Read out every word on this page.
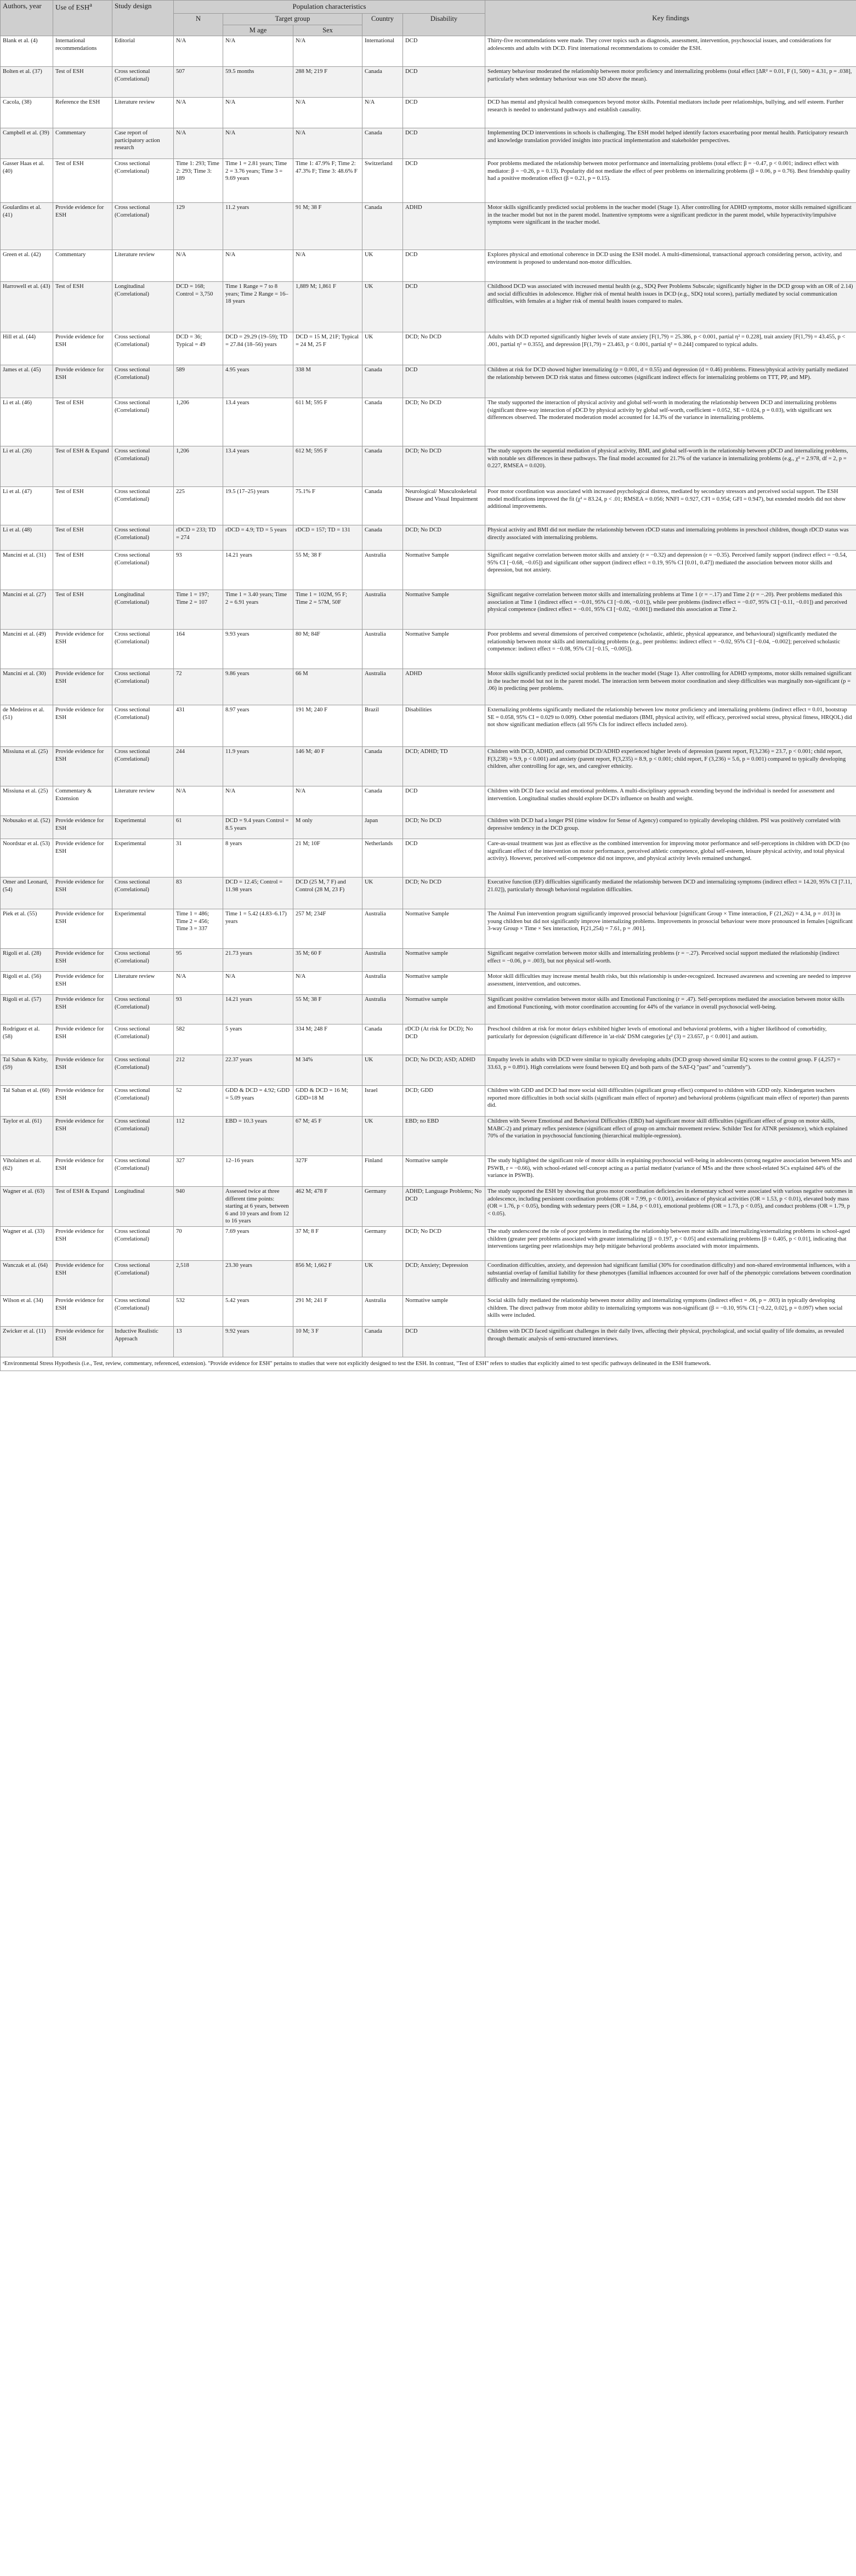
Authors, year	Use of ESH$^a$	Study design	Population characteristics					Key findings
			N	Target group		Country	Disability	
				M age	Sex			
Blank et al. (4)	International recommendations	Editorial	N/A	N/A	N/A	International	DCD	Thirty-five recommendations were made. They cover topics such as diagnosis, assessment, intervention, psychosocial issues, and considerations for adolescents and adults with DCD. First international recommendations to consider the ESH.
Bolten et al. (37)	Test of ESH	Cross sectional (Correlational)	507	59.5 months	288 M; 219 F	Canada	DCD	Sedentary behaviour moderated the relationship between motor proficiency and internalizing problems (total effect [ΔR² = 0.01, F (1, 500) = 4.31, p = .038], particularly when sedentary behaviour was one SD above the mean).
Cacola, (38)	Reference the ESH	Literature review	N/A	N/A	N/A	N/A	DCD	DCD has mental and physical health consequences beyond motor skills. Potential mediators include peer relationships, bullying, and self esteem. Further research is needed to understand pathways and establish causality.
Campbell et al. (39)	Commentary	Case report of participatory action research	N/A	N/A	N/A	Canada	DCD	Implementing DCD interventions in schools is challenging. The ESH model helped identify factors exacerbating poor mental health. Participatory research and knowledge translation provided insights into practical implementation and stakeholder perspectives.
Gasser Haas et al. (40)	Test of ESH	Cross sectional (Correlational)	Time 1: 293; Time 2: 293; Time 3: 189	Time 1 = 2.81 years; Time 2 = 3.76 years; Time 3 = 9.69 years	Time 1: 47.9% F; Time 2: 47.3% F; Time 3: 48.6% F	Switzerland	DCD	Poor problems mediated the relationship between motor performance and internalizing problems (total effect: β = −0.47, p < 0.001; indirect effect with mediator: β = −0.26, p = 0.13). Popularity did not mediate the effect of peer problems on internalizing problems (β = 0.06, p = 0.76). Best friendship quality had a positive moderation effect (β = 0.21, p = 0.15).
Goulardins et al. (41)	Provide evidence for ESH	Cross sectional (Correlational)	129	11.2 years	91 M; 38 F	Canada	ADHD	Motor skills significantly predicted social problems in the teacher model (Stage 1). After controlling for ADHD symptoms, motor skills remained significant in the teacher model but not in the parent model. Inattentive symptoms were a significant predictor in the parent model, while hyperactivity/impulsive symptoms were significant in the teacher model.
Green et al. (42)	Commentary	Literature review	N/A	N/A	N/A	UK	DCD	Explores physical and emotional coherence in DCD using the ESH model. A multi-dimensional, transactional approach considering person, activity, and environment is proposed to understand non-motor difficulties.
Harrowell et al. (43)	Test of ESH	Longitudinal (Correlational)	DCD = 168; Control = 3,750	Time 1 Range = 7 to 8 years; Time 2 Range = 16–18 years	1,889 M; 1,861 F	UK	DCD	Childhood DCD was associated with increased mental health (e.g., SDQ Peer Problems Subscale; significantly higher in the DCD group with an OR of 2.14) and social difficulties in adolescence. Higher risk of mental health issues in DCD (e.g., SDQ total scores), partially mediated by social communication difficulties, with females at a higher risk of mental health issues compared to males.
Hill et al. (44)	Provide evidence for ESH	Cross sectional (Correlational)	DCD = 36; Typical = 49	DCD = 29.29 (19–59); TD = 27.84 (18–56) years	DCD = 15 M, 21F; Typical = 24 M, 25 F	UK	DCD; No DCD	Adults with DCD reported significantly higher levels of state anxiety [F(1,79) = 25.386, p < 0.001, partial η² = 0.228], trait anxiety [F(1,79) = 43.455, p < .001, partial η² = 0.355], and depression [F(1,79) = 23.463, p < 0.001, partial η² = 0.244] compared to typical adults.
James et al. (45)	Provide evidence for ESH	Cross sectional (Correlational)	589	4.95 years	338 M	Canada	DCD	Children at risk for DCD showed higher internalizing (p = 0.001, d = 0.55) and depression (d = 0.46) problems. Fitness/physical activity partially mediated the relationship between DCD risk status and fitness outcomes (significant indirect effects for internalizing problems on TTT, PP, and MP).
Li et al. (46)	Test of ESH	Cross sectional (Correlational)	1,206	13.4 years	611 M; 595 F	Canada	DCD; No DCD	The study supported the interaction of physical activity and global self-worth in moderating the relationship between DCD and internalizing problems (significant three-way interaction of pDCD by physical activity by global self-worth, coefficient = 0.052, SE = 0.024, p = 0.03), with significant sex differences observed. The moderated moderation model accounted for 14.3% of the variance in internalizing problems.
Li et al. (26)	Test of ESH & Expand	Cross sectional (Correlational)	1,206	13.4 years	612 M; 595 F	Canada	DCD; No DCD	The study supports the sequential mediation of physical activity, BMI, and global self-worth in the relationship between pDCD and internalizing problems, with notable sex differences in these pathways. The final model accounted for 21.7% of the variance in internalizing problems (e.g., χ² = 2.978, df = 2, p = 0.227, RMSEA = 0.020).
Li et al. (47)	Test of ESH	Cross sectional (Correlational)	225	19.5 (17–25) years	75.1% F	Canada	Neurological/ Musculoskeletal Disease and Visual Impairment	Poor motor coordination was associated with increased psychological distress, mediated by secondary stressors and perceived social support. The ESH model modifications improved the fit (χ² = 83.24, p < .01; RMSEA = 0.056; NNFI = 0.927, CFI = 0.954; GFI = 0.947), but extended models did not show additional improvements.
Li et al. (48)	Test of ESH	Cross sectional (Correlational)	rDCD = 233; TD = 274	rDCD = 4.9; TD = 5 years	rDCD = 157; TD = 131	Canada	DCD; No DCD	Physical activity and BMI did not mediate the relationship between rDCD status and internalizing problems in preschool children, though rDCD status was directly associated with internalizing problems.
Mancini et al. (31)	Test of ESH	Cross sectional (Correlational)	93	14.21 years	55 M; 38 F	Australia	Normative Sample	Significant negative correlation between motor skills and anxiety (r = −0.32) and depression (r = −0.35). Perceived family support (indirect effect = −0.54, 95% CI [−0.68, −0.05]) and significant other support (indirect effect = 0.19, 95% CI [0.01, 0.47]) mediated the association between motor skills and depression, but not anxiety.
Mancini et al. (27)	Test of ESH	Longitudinal (Correlational)	Time 1 = 197; Time 2 = 107	Time 1 = 3.40 years; Time 2 = 6.91 years	Time 1 = 102M, 95 F; Time 2 = 57M, 50F	Australia	Normative Sample	Significant negative correlation between motor skills and internalizing problems at Time 1 (r = −.17) and Time 2 (r = −.20). Peer problems mediated this association at Time 1 (indirect effect = −0.01, 95% CI [−0.06, −0.01]), while peer problems (indirect effect = −0.07, 95% CI [−0.11, −0.01]) and perceived physical competence (indirect effect = −0.01, 95% CI [−0.02, −0.001]) mediated this association at Time 2.
Mancini et al. (49)	Provide evidence for ESH	Cross sectional (Correlational)	164	9.93 years	80 M; 84F	Australia	Normative Sample	Poor problems and several dimensions of perceived competence (scholastic, athletic, physical appearance, and behavioural) significantly mediated the relationship between motor skills and internalizing problems (e.g., peer problems: indirect effect = −0.02, 95% CI [−0.04, −0.002]; perceived scholastic competence: indirect effect = −0.08, 95% CI [−0.15, −0.005]).
Mancini et al. (30)	Provide evidence for ESH	Cross sectional (Correlational)	72	9.86 years	66 M	Australia	ADHD	Motor skills significantly predicted social problems in the teacher model (Stage 1). After controlling for ADHD symptoms, motor skills remained significant in the teacher model but not in the parent model. The interaction term between motor coordination and sleep difficulties was marginally non-significant (p = .06) in predicting peer problems.
de Medeiros et al. (51)	Provide evidence for ESH	Cross sectional (Correlational)	431	8.97 years	191 M; 240 F	Brazil	Disabilities	Externalizing problems significantly mediated the relationship between low motor proficiency and internalizing problems (indirect effect = 0.01, bootstrap SE = 0.058, 95% CI = 0.029 to 0.009). Other potential mediators (BMI, physical activity, self efficacy, perceived social stress, physical fitness, HRQOL) did not show significant mediation effects (all 95% CIs for indirect effects included zero).
Missiuna et al. (25)	Provide evidence for ESH	Cross sectional (Correlational)	244	11.9 years	146 M; 40 F	Canada	DCD; ADHD; TD	Children with DCD, ADHD, and comorbid DCD/ADHD experienced higher levels of depression (parent report, F(3,236) = 23.7, p < 0.001; child report, F(3,238) = 9.9, p < 0.001) and anxiety (parent report, F(3,235) = 8.9, p < 0.001; child report, F (3,236) = 5.6, p = 0.001) compared to typically developing children, after controlling for age, sex, and caregiver ethnicity.
Missiuna et al. (25)	Commentary & Extension	Literature review	N/A	N/A	N/A	Canada	DCD	Children with DCD face social and emotional problems. A multi-disciplinary approach extending beyond the individual is needed for assessment and intervention. Longitudinal studies should explore DCD's influence on health and weight.
Nobusako et al. (52)	Provide evidence for ESH	Experimental	61	DCD = 9.4 years Control = 8.5 years	M only	Japan	DCD; No DCD	Children with DCD had a longer PSI (time window for Sense of Agency) compared to typically developing children. PSI was positively correlated with depressive tendency in the DCD group.
Noordstar et al. (53)	Provide evidence for ESH	Experimental	31	8 years	21 M; 10F	Netherlands	DCD	Care-as-usual treatment was just as effective as the combined intervention for improving motor performance and self-perceptions in children with DCD (no significant effect of the intervention on motor performance, perceived athletic competence, global self-esteem, leisure physical activity, and total physical activity). However, perceived self-competence did not improve, and physical activity levels remained unchanged.
Omer and Leonard, (54)	Provide evidence for ESH	Cross sectional (Correlational)	83	DCD = 12.45; Control = 11.98 years	DCD (25 M, 7 F) and Control (28 M, 23 F)	UK	DCD; No DCD	Executive function (EF) difficulties significantly mediated the relationship between DCD and internalizing symptoms (indirect effect = 14.20, 95% CI [7.11, 21.02]), particularly through behavioral regulation difficulties.
Piek et al. (55)	Provide evidence for ESH	Experimental	Time 1 = 486; Time 2 = 456; Time 3 = 337	Time 1 = 5.42 (4.83–6.17) years	257 M; 234F	Australia	Normative Sample	The Animal Fun intervention program significantly improved prosocial behaviour [significant Group × Time interaction, F (21,262) = 4.34, p = .013] in young children but did not significantly improve internalizing problems. Improvements in prosocial behaviour were more pronounced in females [significant 3-way Group × Time × Sex interaction, F(21,254) = 7.61, p = .001].
Rigoli et al. (28)	Provide evidence for ESH	Cross sectional (Correlational)	95	21.73 years	35 M; 60 F	Australia	Normative sample	Significant negative correlation between motor skills and internalizing problems (r = −.27). Perceived social support mediated the relationship (indirect effect = −0.06, p = .003), but not physical self-worth.
Rigoli et al. (56)	Provide evidence for ESH	Literature review	N/A	N/A	N/A	Australia	Normative sample	Motor skill difficulties may increase mental health risks, but this relationship is under-recognized. Increased awareness and screening are needed to improve assessment, intervention, and outcomes.
Rigoli et al. (57)	Provide evidence for ESH	Cross sectional (Correlational)	93	14.21 years	55 M; 38 F	Australia	Normative sample	Significant positive correlation between motor skills and Emotional Functioning (r = .47). Self-perceptions mediated the association between motor skills and Emotional Functioning, with motor coordination accounting for 44% of the variance in overall psychosocial well-being.
Rodriguez et al. (58)	Provide evidence for ESH	Cross sectional (Correlational)	582	5 years	334 M; 248 F	Canada	rDCD (At risk for DCD); No DCD	Preschool children at risk for motor delays exhibited higher levels of emotional and behavioral problems, with a higher likelihood of comorbidity, particularly for depression (significant difference in 'at-risk' DSM categories [χ² (3) = 23.657, p < 0.001] and autism.
Tal Saban & Kirby, (59)	Provide evidence for ESH	Cross sectional (Correlational)	212	22.37 years	M 34%	UK	DCD; No DCD; ASD; ADHD	Empathy levels in adults with DCD were similar to typically developing adults (DCD group showed similar EQ scores to the control group. F (4,257) = 33.63, p = 0.891). High correlations were found between EQ and both parts of the SAT-Q "past" and "currently").
Tal Saban et al. (60)	Provide evidence for ESH	Cross sectional (Correlational)	52	GDD & DCD = 4.92; GDD = 5.09 years	GDD & DCD = 16 M; GDD=18 M	Israel	DCD; GDD	Children with GDD and DCD had more social skill difficulties (significant group effect) compared to children with GDD only. Kindergarten teachers reported more difficulties in both social skills (significant main effect of reporter) and behavioral problems (significant main effect of reporter) than parents did.
Taylor et al. (61)	Provide evidence for ESH	Cross sectional (Correlational)	112	EBD = 10.3 years	67 M; 45 F	UK	EBD; no EBD	Children with Severe Emotional and Behavioral Difficulties (EBD) had significant motor skill difficulties (significant effect of group on motor skills, MABC-2) and primary reflex persistence (significant effect of group on armchair movement review. Schilder Test for ATNR persistence), which explained 70% of the variation in psychosocial functioning (hierarchical multiple-regression).
Viholainen et al. (62)	Provide evidence for ESH	Cross sectional (Correlational)	327	12–16 years	327F	Finland	Normative sample	The study highlighted the significant role of motor skills in explaining psychosocial well-being in adolescents (strong negative association between MSs and PSWB, r = −0.66), with school-related self-concept acting as a partial mediator (variance of MSs and the three school-related SCs explained 44% of the variance in PSWB).
Wagner et al. (63)	Test of ESH & Expand	Longitudinal	940	Assessed twice at three different time points: starting at 6 years, between 6 and 10 years and from 12 to 16 years	462 M; 478 F	Germany	ADHD; Language Problems; No DCD	The study supported the ESH by showing that gross motor coordination deficiencies in elementary school were associated with various negative outcomes in adolescence, including persistent coordination problems (OR = 7.99, p < 0.001), avoidance of physical activities (OR = 1.53, p < 0.01), elevated body mass (OR = 1.76, p < 0.05), bonding with sedentary peers (OR = 1.84, p < 0.01), emotional problems (OR = 1.73, p < 0.05), and conduct problems (OR = 1.79, p < 0.05).
Wagner et al. (33)	Provide evidence for ESH	Cross sectional (Correlational)	70	7.69 years	37 M; 8 F	Germany	DCD; No DCD	The study underscored the role of poor problems in mediating the relationship between motor skills and internalizing/externalizing problems in school-aged children (greater peer problems associated with greater internalizing [β = 0.197, p < 0.05] and externalizing problems [β = 0.405, p < 0.01], indicating that interventions targeting peer relationships may help mitigate behavioral problems associated with motor impairments.
Wanczak et al. (64)	Provide evidence for ESH	Cross sectional (Correlational)	2,518	23.30 years	856 M; 1,662 F	UK	DCD; Anxiety; Depression	Coordination difficulties, anxiety, and depression had significant familial (30% for coordination difficulty) and non-shared environmental influences, with a substantial overlap of familial liability for these phenotypes (familial influences accounted for over half of the phenotypic correlations between coordination difficulty and internalizing symptoms).
Wilson et al. (34)	Provide evidence for ESH	Cross sectional (Correlational)	532	5.42 years	291 M; 241 F	Australia	Normative sample	Social skills fully mediated the relationship between motor ability and internalizing symptoms (indirect effect = .06, p = .003) in typically developing children. The direct pathway from motor ability to internalizing symptoms was non-significant (β = −0.10, 95% CI [−0.22, 0.02], p = 0.097) when social skills were included.
Zwicker et al. (11)	Provide evidence for ESH	Inductive Realistic Approach	13	9.92 years	10 M; 3 F	Canada	DCD	Children with DCD faced significant challenges in their daily lives, affecting their physical, psychological, and social quality of life domains, as revealed through thematic analysis of semi-structured interviews.
ᵃEnvironmental Stress Hypothesis (i.e., Test, review, commentary, referenced, extension). "Provide evidence for ESH" pertains to studies that were not explicitly designed to test the ESH. In contrast, "Test of ESH" refers to studies that explicitly aimed to test specific pathways delineated in the ESH framework.								
